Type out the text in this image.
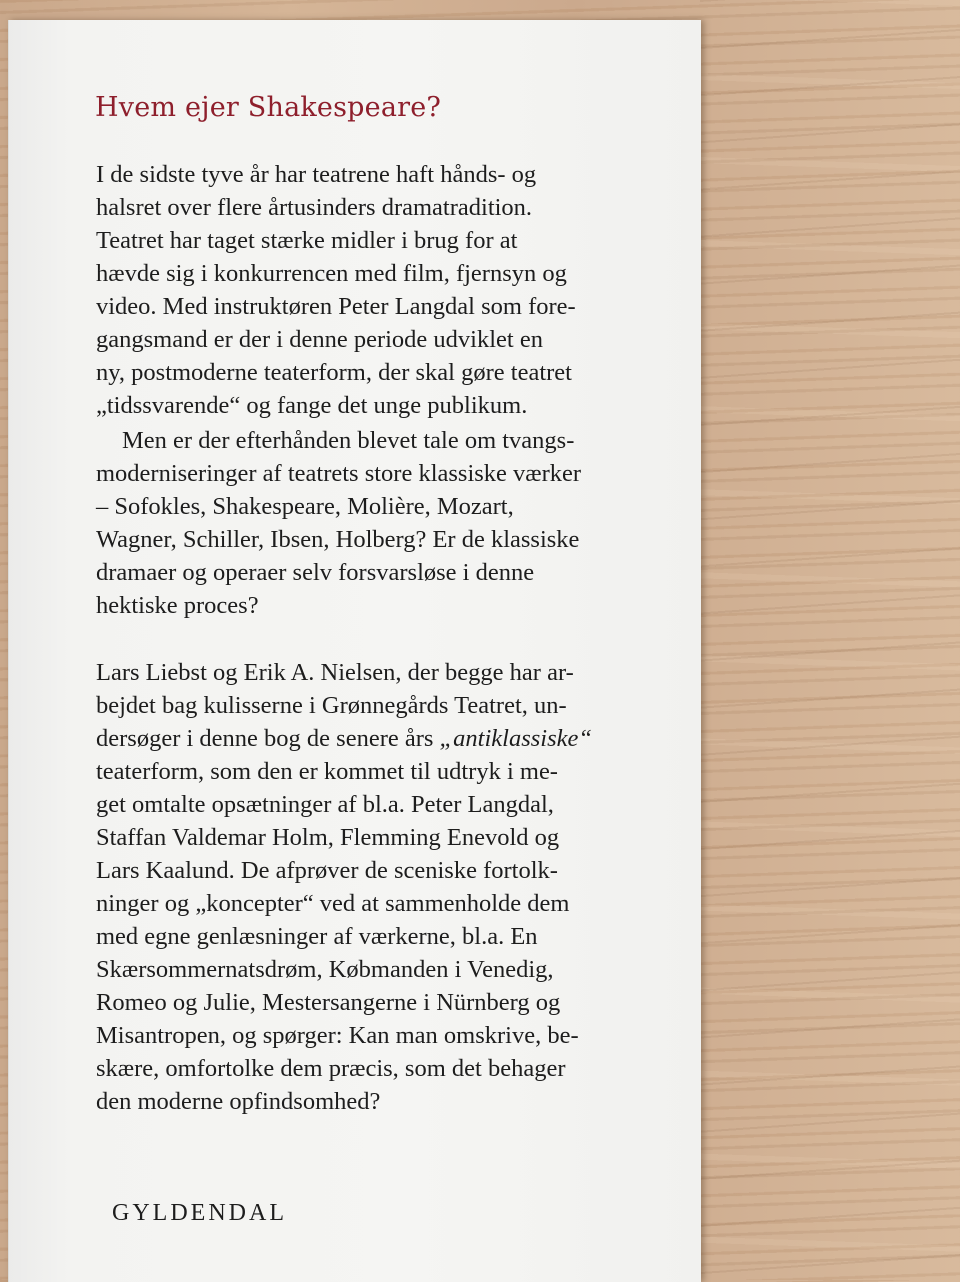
Hvem ejer Shakespeare?
I de sidste tyve år har teatrene haft hånds- og
halsret over flere årtusinders dramatradition.
Teatret har taget stærke midler i brug for at
hævde sig i konkurrencen med film, fjernsyn og
video. Med instruktøren Peter Langdal som fore-
gangsmand er der i denne periode udviklet en
ny, postmoderne teaterform, der skal gøre teatret
„tidssvarende“ og fange det unge publikum.
Men er der efterhånden blevet tale om tvangs-
moderniseringer af teatrets store klassiske værker
– Sofokles, Shakespeare, Molière, Mozart,
Wagner, Schiller, Ibsen, Holberg? Er de klassiske
dramaer og operaer selv forsvarsløse i denne
hektiske proces?
Lars Liebst og Erik A. Nielsen, der begge har ar-
bejdet bag kulisserne i Grønnegårds Teatret, un-
dersøger i denne bog de senere års „antiklassiske“
teaterform, som den er kommet til udtryk i me-
get omtalte opsætninger af bl.a. Peter Langdal,
Staffan Valdemar Holm, Flemming Enevold og
Lars Kaalund. De afprøver de sceniske fortolk-
ninger og „koncepter“ ved at sammenholde dem
med egne genlæsninger af værkerne, bl.a. En
Skærsommernatsdrøm, Købmanden i Venedig,
Romeo og Julie, Mestersangerne i Nürnberg og
Misantropen, og spørger: Kan man omskrive, be-
skære, omfortolke dem præcis, som det behager
den moderne opfindsomhed?
GYLDENDAL
